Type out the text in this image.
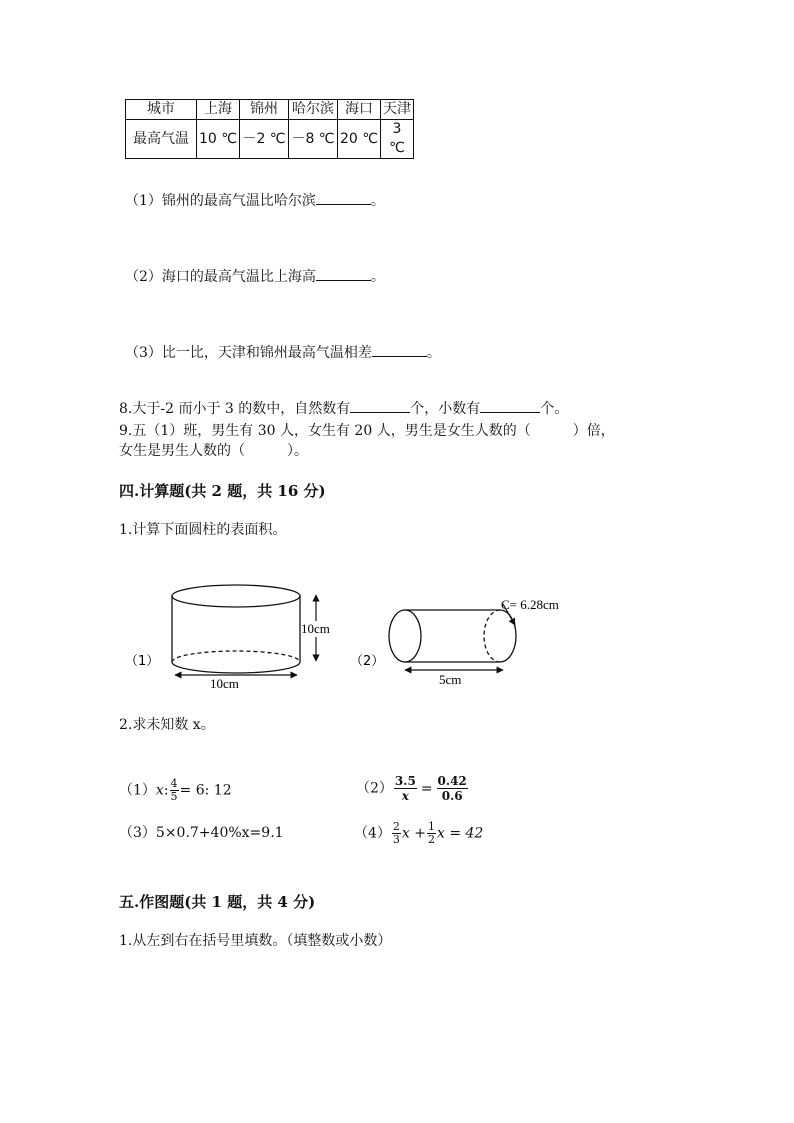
城市	上海	锦州	哈尔滨	海口	天津
最高气温	10 ℃	－2 ℃	－8 ℃	20 ℃	3 ℃
（1）锦州的最高气温比哈尔滨	。
（2）海口的最高气温比上海高	。
（3）比一比，天津和锦州最高气温相差	。
8.大于-2 而小于 3 的数中，自然数有	个，小数有	个。
9.五（1）班，男生有 30 人，女生有 20 人，男生是女生人数的（　　　）倍，
女生是男生人数的（　　　）。
四.计算题(共 2 题，共 16 分)
1.计算下面圆柱的表面积。
10cm
10cm
（1）
C= 6.28cm
5cm
（2）
2.求未知数 x。
（1）x: $\frac{4}{5} = 6$: 12	$(2) \frac{3.5}{x} = \frac{0.42}{0.6}$
（3）5×0.7+40%x=9.1	$(4) \frac{2}{3}$ $x + \frac{1}{2}$ x = 42
五.作图题(共 1 题，共 4 分)
1.从左到右在括号里填数。（填整数或小数）
